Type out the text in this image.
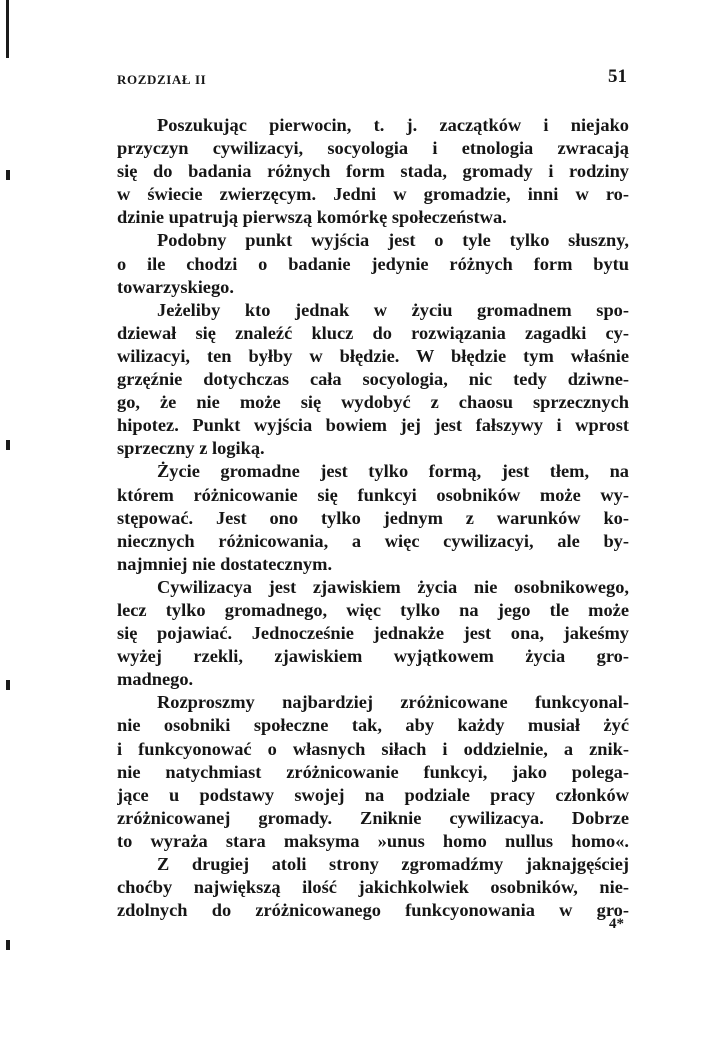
ROZDZIAŁ II	51
Poszukując pierwocin, t. j. zaczątków i niejako
przyczyn cywilizacyi, socyologia i etnologia zwracają
się do badania różnych form stada, gromady i rodziny
w świecie zwierzęcym. Jedni w gromadzie, inni w ro-
dzinie upatrują pierwszą komórkę społeczeństwa.
Podobny punkt wyjścia jest o tyle tylko słuszny,
o ile chodzi o badanie jedynie różnych form bytu
towarzyskiego.
Jeżeliby kto jednak w życiu gromadnem spo-
dziewał się znaleźć klucz do rozwiązania zagadki cy-
wilizacyi, ten byłby w błędzie. W błędzie tym właśnie
grzęźnie dotychczas cała socyologia, nic tedy dziwne-
go, że nie może się wydobyć z chaosu sprzecznych
hipotez. Punkt wyjścia bowiem jej jest fałszywy i wprost
sprzeczny z logiką.
Życie gromadne jest tylko formą, jest tłem, na
którem różnicowanie się funkcyi osobników może wy-
stępować. Jest ono tylko jednym z warunków ko-
niecznych różnicowania, a więc cywilizacyi, ale by-
najmniej nie dostatecznym.
Cywilizacya jest zjawiskiem życia nie osobnikowego,
lecz tylko gromadnego, więc tylko na jego tle może
się pojawiać. Jednocześnie jednakże jest ona, jakeśmy
wyżej rzekli, zjawiskiem wyjątkowem życia gro-
madnego.
Rozproszmy najbardziej zróżnicowane funkcyonal-
nie osobniki społeczne tak, aby każdy musiał żyć
i funkcyonować o własnych siłach i oddzielnie, a znik-
nie natychmiast zróżnicowanie funkcyi, jako polega-
jące u podstawy swojej na podziale pracy członków
zróżnicowanej gromady. Zniknie cywilizacya. Dobrze
to wyraża stara maksyma »unus homo nullus homo«.
Z drugiej atoli strony zgromadźmy jaknajgęściej
choćby największą ilość jakichkolwiek osobników, nie-
zdolnych do zróżnicowanego funkcyonowania w gro-
4*
